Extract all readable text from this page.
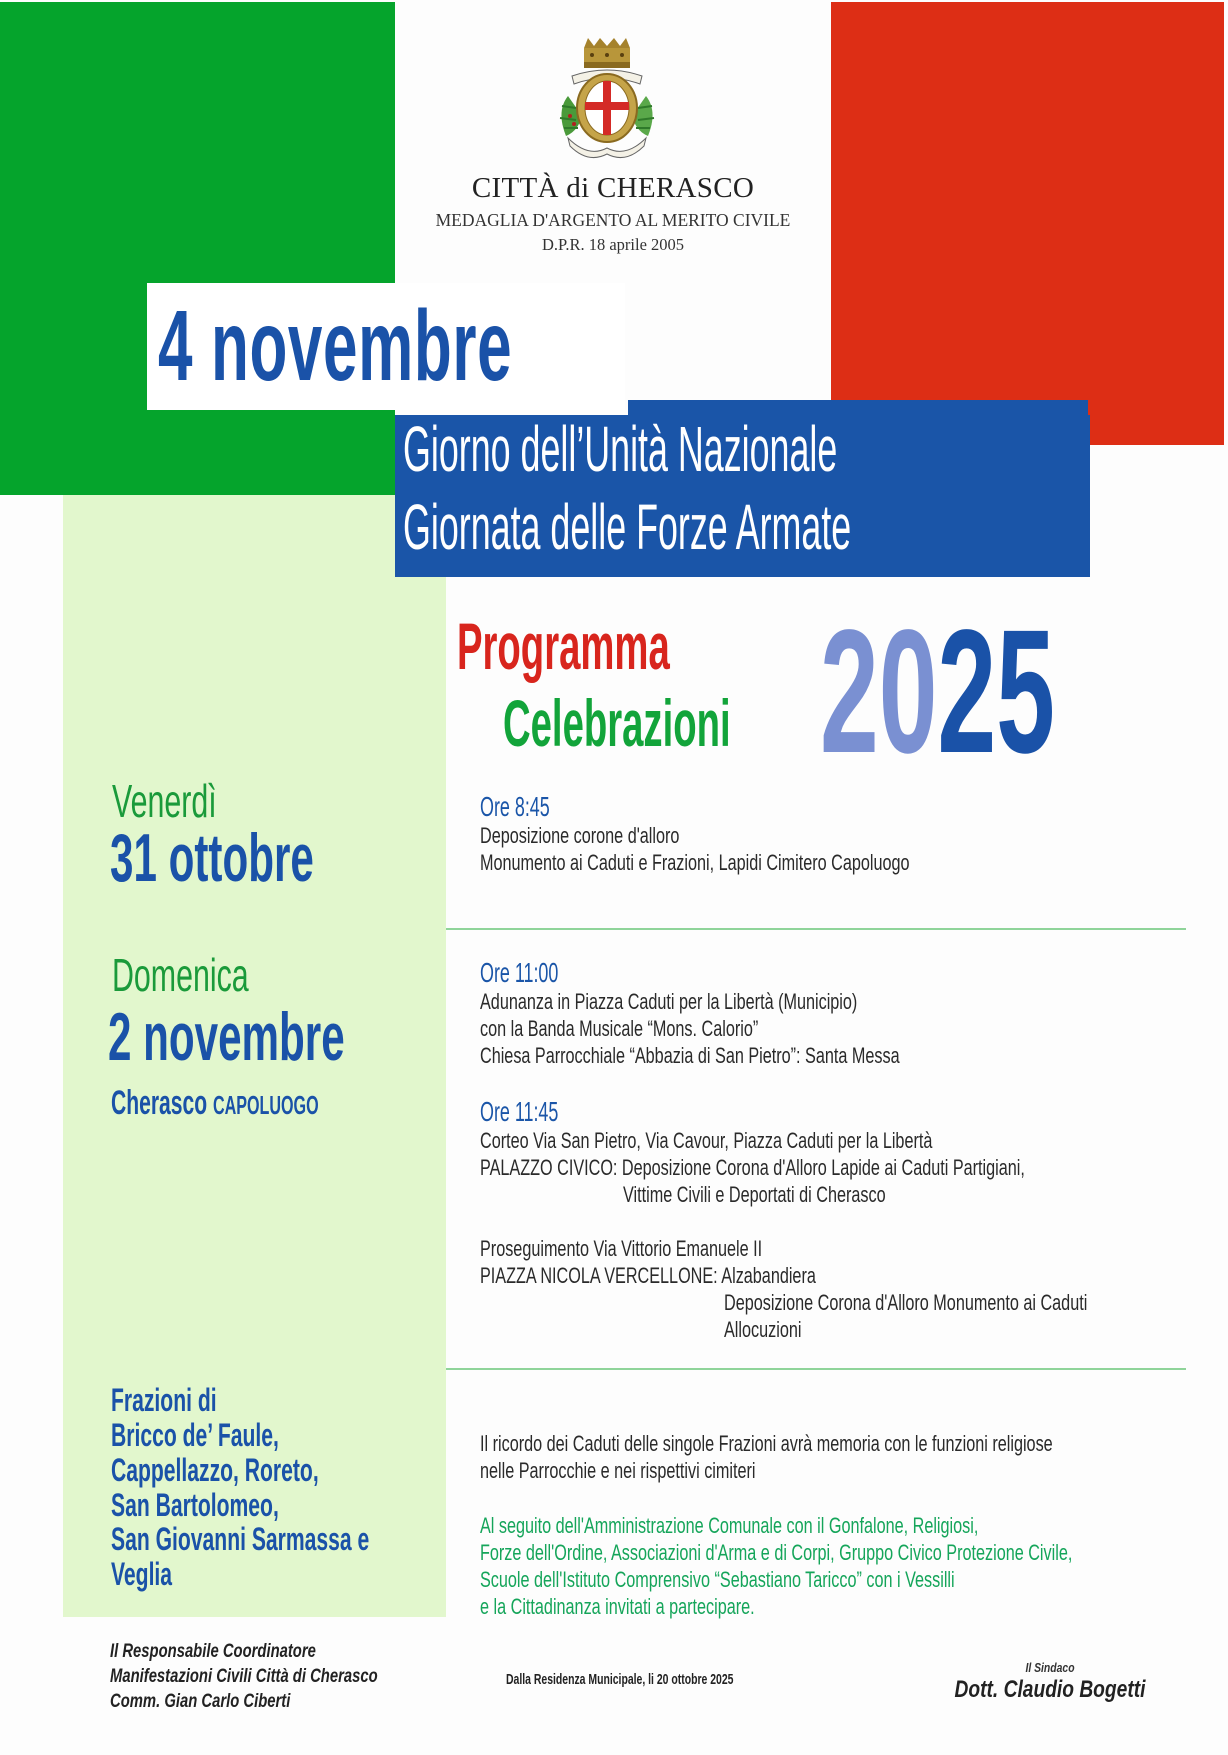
CITTÀ di CHERASCO
MEDAGLIA D'ARGENTO AL MERITO CIVILE
D.P.R. 18 aprile 2005
4 novembre
Giorno dell’Unità Nazionale
Giornata delle Forze Armate
Programma
Celebrazioni 2025
Venerdì
31 ottobre
Ore 8:45
Deposizione corone d'alloro
Monumento ai Caduti e Frazioni, Lapidi Cimitero Capoluogo
Domenica
2 novembre
Cherasco CAPOLUOGO
Ore 11:00
Adunanza in Piazza Caduti per la Libertà (Municipio)
con la Banda Musicale “Mons. Calorio”
Chiesa Parrocchiale “Abbazia di San Pietro”: Santa Messa
Ore 11:45
Corteo Via San Pietro, Via Cavour, Piazza Caduti per la Libertà
PALAZZO CIVICO: Deposizione Corona d'Alloro Lapide ai Caduti Partigiani,
Vittime Civili e Deportati di Cherasco
Proseguimento Via Vittorio Emanuele II
PIAZZA NICOLA VERCELLONE: Alzabandiera
Deposizione Corona d'Alloro Monumento ai Caduti
Allocuzioni
Frazioni di
Bricco de’ Faule,
Cappellazzo, Roreto,
San Bartolomeo,
San Giovanni Sarmassa e
Veglia
Il ricordo dei Caduti delle singole Frazioni avrà memoria con le funzioni religiose
nelle Parrocchie e nei rispettivi cimiteri
Al seguito dell'Amministrazione Comunale con il Gonfalone, Religiosi,
Forze dell'Ordine, Associazioni d'Arma e di Corpi, Gruppo Civico Protezione Civile,
Scuole dell'Istituto Comprensivo “Sebastiano Taricco” con i Vessilli
e la Cittadinanza invitati a partecipare.
Il Responsabile Coordinatore
Manifestazioni Civili Città di Cherasco
Comm. Gian Carlo Ciberti
Dalla Residenza Municipale, li 20 ottobre 2025
Il Sindaco
Dott. Claudio Bogetti
